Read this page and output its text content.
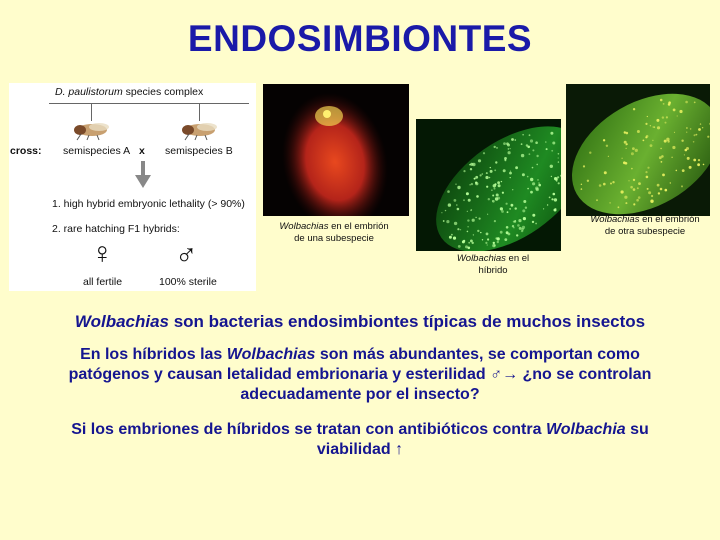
ENDOSIMBIONTES
D. paulistorum species complex
cross: semispecies A x semispecies B
1. high hybrid embryonic lethality (> 90%)
2. rare hatching F1 hybrids:
♀ ♂
all fertile	100% sterile
Wolbachias en el embrión de una subespecie
Wolbachias en el híbrido
Wolbachias en el embrión de otra subespecie
Wolbachias son bacterias endosimbiontes típicas de muchos insectos
En los híbridos las Wolbachias son más abundantes, se comportan como patógenos y causan letalidad embrionaria y esterilidad ♂→ ¿no se controlan adecuadamente por el insecto?
Si los embriones de híbridos se tratan con antibióticos contra Wolbachia su viabilidad ↑
